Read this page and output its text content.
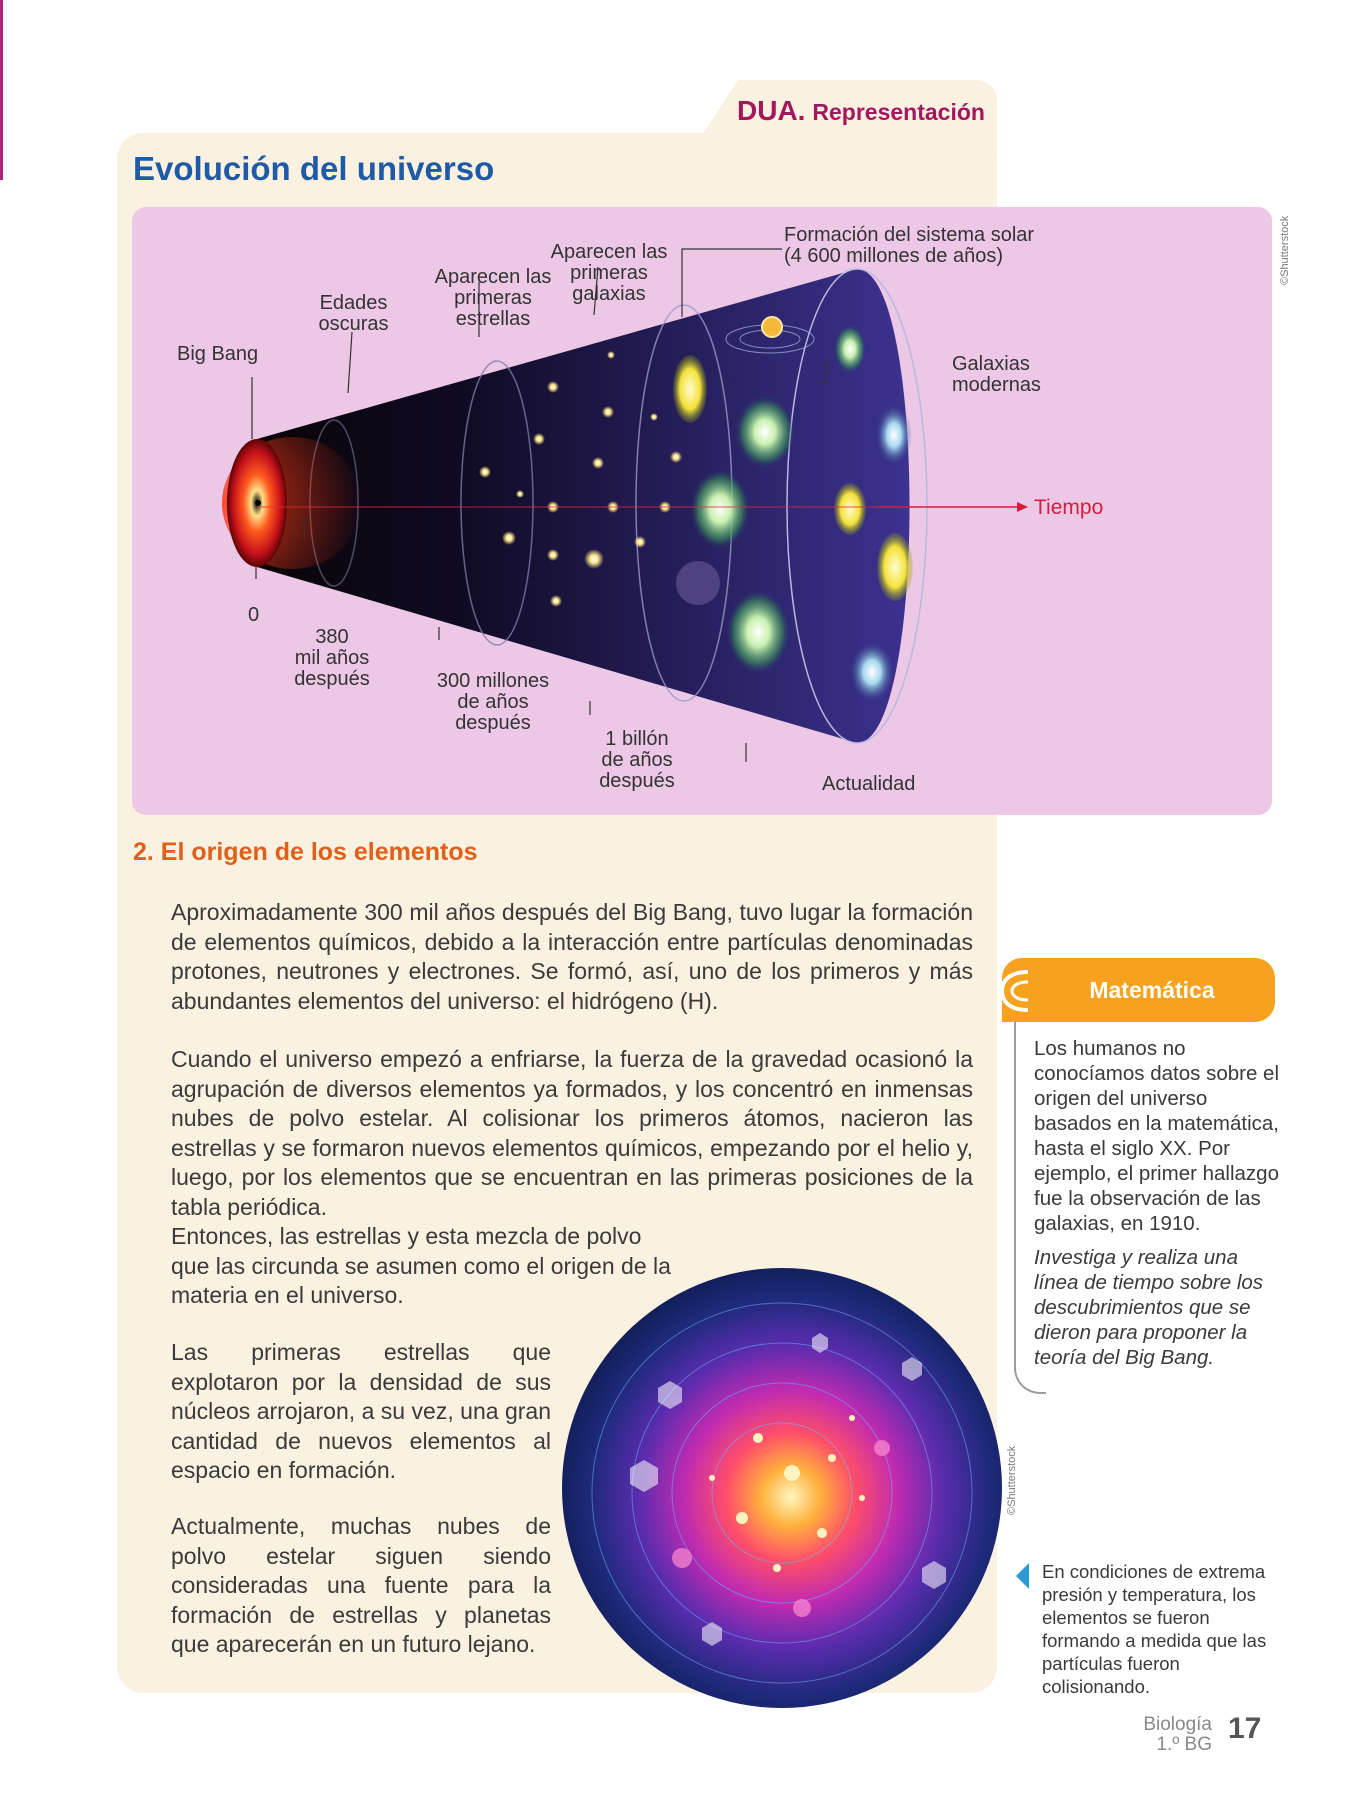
DUA. Representación
Evolución del universo
Big Bang
Edades
oscuras
Aparecen las
primeras
estrellas
Aparecen las
primeras
galaxias
Formación del sistema solar
(4 600 millones de años)
Galaxias
modernas
Tiempo
0
380
mil años
después	300 millones
de años
después
1 billón
de años
después	Actualidad
©Shutterstock
2. El origen de los elementos

Aproximadamente 300 mil años después del Big Bang, tuvo lugar la formación de elementos químicos, debido a la interacción entre partículas denominadas protones, neutrones y electrones. Se formó, así, uno de los primeros y más abundantes elementos del universo: el hidrógeno (H).

Cuando el universo empezó a enfriarse, la fuerza de la gravedad ocasionó la agrupación de diversos elementos ya formados, y los concentró en inmensas nubes de polvo estelar. Al colisionar los primeros átomos, nacieron las estrellas y se formaron nuevos elementos químicos, empezando por el helio y, luego, por los elementos que se encuentran en las primeras posiciones de la tabla periódica.

Entonces, las estrellas y esta mezcla de polvo que las circunda se asumen como el origen de la materia en el universo.

Las primeras estrellas que explotaron por la densidad de sus núcleos arrojaron, a su vez, una gran cantidad de nuevos elementos al espacio en formación.

Actualmente, muchas nubes de polvo estelar siguen siendo consideradas una fuente para la formación de estrellas y planetas que aparecerán en un futuro lejano.

©Shutterstock
Matemática

Los humanos no conocíamos datos sobre el origen del universo basados en la matemática, hasta el siglo XX. Por ejemplo, el primer hallazgo fue la observación de las galaxias, en 1910.

Investiga y realiza una línea de tiempo sobre los descubrimientos que se dieron para proponer la teoría del Big Bang.

En condiciones de extrema presión y temperatura, los elementos se fueron formando a medida que las partículas fueron colisionando.

Biología
1.º BG 17
